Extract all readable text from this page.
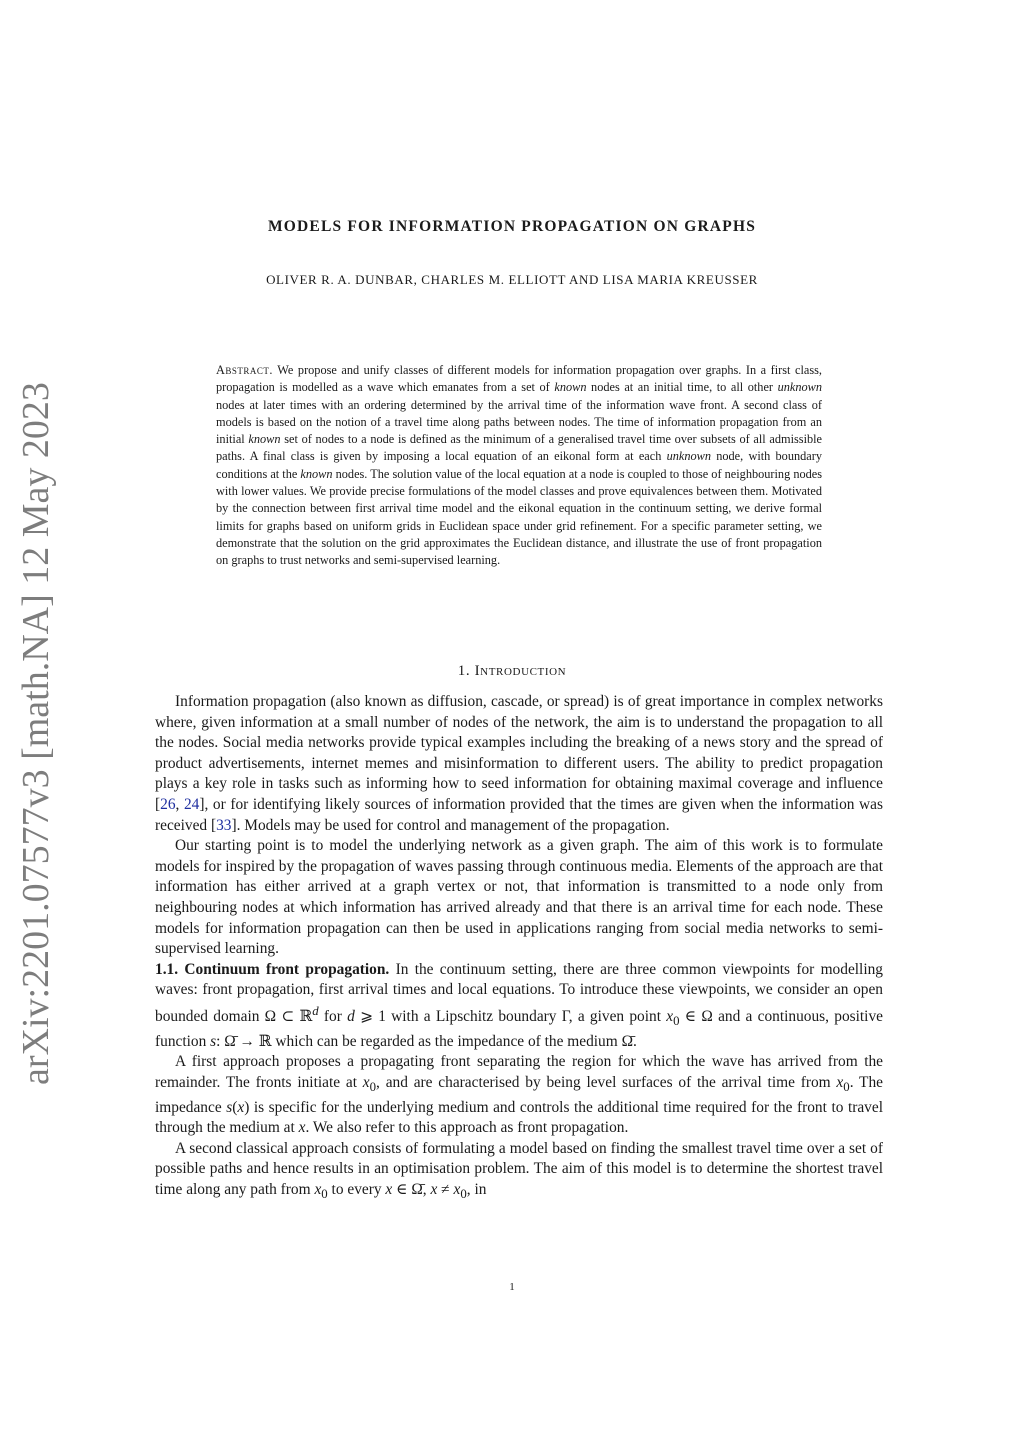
arXiv:2201.07577v3 [math.NA] 12 May 2023
MODELS FOR INFORMATION PROPAGATION ON GRAPHS
OLIVER R. A. DUNBAR, CHARLES M. ELLIOTT AND LISA MARIA KREUSSER
Abstract. We propose and unify classes of different models for information propagation over graphs. In a first class, propagation is modelled as a wave which emanates from a set of known nodes at an initial time, to all other unknown nodes at later times with an ordering determined by the arrival time of the information wave front. A second class of models is based on the notion of a travel time along paths between nodes. The time of information propagation from an initial known set of nodes to a node is defined as the minimum of a generalised travel time over subsets of all admissible paths. A final class is given by imposing a local equation of an eikonal form at each unknown node, with boundary conditions at the known nodes. The solution value of the local equation at a node is coupled to those of neighbouring nodes with lower values. We provide precise formulations of the model classes and prove equivalences between them. Motivated by the connection between first arrival time model and the eikonal equation in the continuum setting, we derive formal limits for graphs based on uniform grids in Euclidean space under grid refinement. For a specific parameter setting, we demonstrate that the solution on the grid approximates the Euclidean distance, and illustrate the use of front propagation on graphs to trust networks and semi-supervised learning.
1. Introduction

Information propagation (also known as diffusion, cascade, or spread) is of great importance in complex networks where, given information at a small number of nodes of the network, the aim is to understand the propagation to all the nodes. Social media networks provide typical examples including the breaking of a news story and the spread of product advertisements, internet memes and misinformation to different users. The ability to predict propagation plays a key role in tasks such as informing how to seed information for obtaining maximal coverage and influence [26, 24], or for identifying likely sources of information provided that the times are given when the information was received [33]. Models may be used for control and management of the propagation.

Our starting point is to model the underlying network as a given graph. The aim of this work is to formulate models for inspired by the propagation of waves passing through continuous media. Elements of the approach are that information has either arrived at a graph vertex or not, that information is transmitted to a node only from neighbouring nodes at which information has arrived already and that there is an arrival time for each node. These models for information propagation can then be used in applications ranging from social media networks to semi-supervised learning.

1.1. Continuum front propagation. In the continuum setting, there are three common viewpoints for modelling waves: front propagation, first arrival times and local equations. To introduce these viewpoints, we consider an open bounded domain Ω ⊂ ℝ$^d$ for d ⩾ 1 with a Lipschitz boundary Γ, a given point $x_0$ ∈ Ω and a continuous, positive function s: Ω̄ → ℝ which can be regarded as the impedance of the medium Ω̄.

A first approach proposes a propagating front separating the region for which the wave has arrived from the remainder. The fronts initiate at $x_0$, and are characterised by being level surfaces of the arrival time from $x_0$. The impedance s(x) is specific for the underlying medium and controls the additional time required for the front to travel through the medium at x. We also refer to this approach as front propagation.

A second classical approach consists of formulating a model based on finding the smallest travel time over a set of possible paths and hence results in an optimisation problem. The aim of this model is to determine the shortest travel time along any path from $x_0$ to every x ∈ Ω̄, $x \ne x_0$, in

1
